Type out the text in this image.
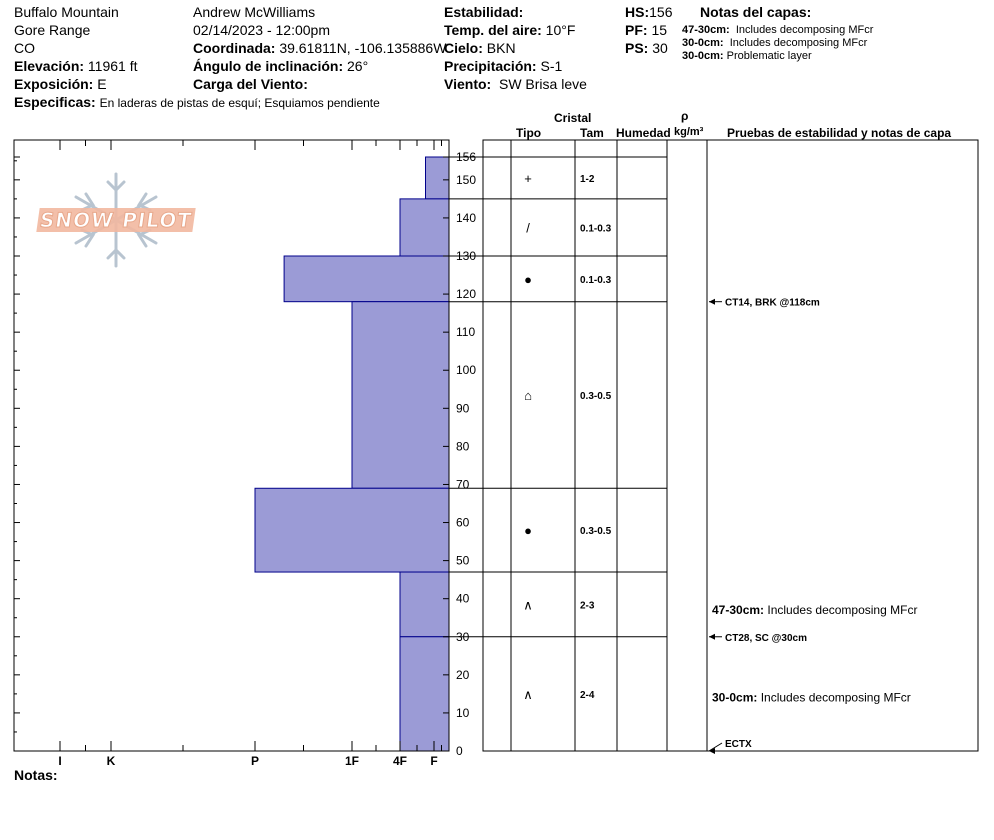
Buffalo Mountain
Gore Range
CO
Elevación: 11961 ft
Exposición: E
Especificas: En laderas de pistas de esquí; Esquiamos pendiente
Andrew McWilliams
02/14/2023 - 12:00pm
Coordinada: 39.61811N, -106.135886W
Ángulo de inclinación: 26°
Carga del Viento:
Estabilidad:
Temp. del aire: 10°F
Cielo: BKN
Precipitación: S-1
Viento: SW Brisa leve
HS:156
PF: 15
PS: 30
Notas del capas:
47-30cm: Includes decomposing MFcr
30-0cm: Includes decomposing MFcr
30-0cm: Problematic layer
Notas:
Cristal
Tipo	Tam Humedad
ρ
kg/m³ Pruebas de estabilidad y notas de capa
SNOW PILOT
0
10
20
30
40
50
60
70
80
90
100
110
120
130
140
150
156
I	K	P	1F	4F F
+	1-2
/	0.1-0.3
●	0.1-0.3
⌂	0.3-0.5
●	0.3-0.5
∧	2-3
∧	2-4
CT14, BRK @118cm
CT28, SC @30cm
ECTX
47-30cm: Includes decomposing MFcr
30-0cm: Includes decomposing MFcr
